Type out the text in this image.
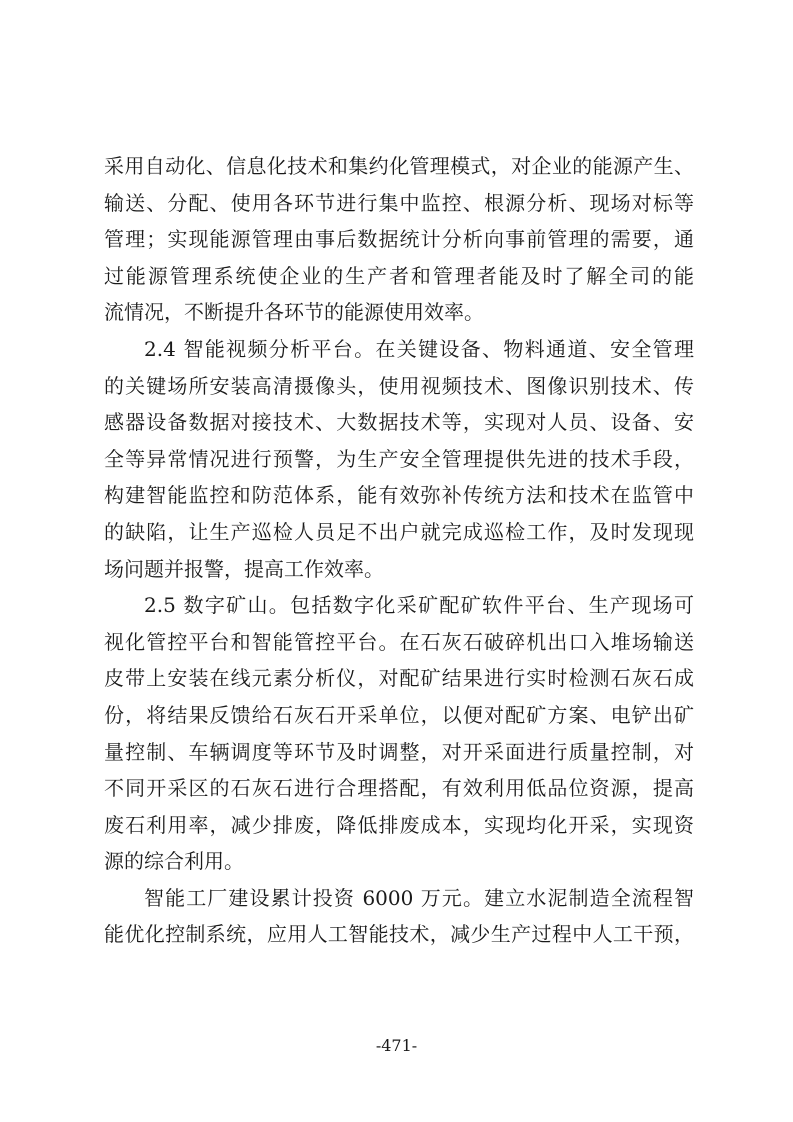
采用自动化、信息化技术和集约化管理模式，对企业的能源产生、
输送、分配、使用各环节进行集中监控、根源分析、现场对标等
管理；实现能源管理由事后数据统计分析向事前管理的需要，通
过能源管理系统使企业的生产者和管理者能及时了解全司的能
流情况，不断提升各环节的能源使用效率。
2.4 智能视频分析平台。在关键设备、物料通道、安全管理
的关键场所安装高清摄像头，使用视频技术、图像识别技术、传
感器设备数据对接技术、大数据技术等，实现对人员、设备、安
全等异常情况进行预警，为生产安全管理提供先进的技术手段，
构建智能监控和防范体系，能有效弥补传统方法和技术在监管中
的缺陷，让生产巡检人员足不出户就完成巡检工作，及时发现现
场问题并报警，提高工作效率。
2.5 数字矿山。包括数字化采矿配矿软件平台、生产现场可
视化管控平台和智能管控平台。在石灰石破碎机出口入堆场输送
皮带上安装在线元素分析仪，对配矿结果进行实时检测石灰石成
份，将结果反馈给石灰石开采单位，以便对配矿方案、电铲出矿
量控制、车辆调度等环节及时调整，对开采面进行质量控制，对
不同开采区的石灰石进行合理搭配，有效利用低品位资源，提高
废石利用率，减少排废，降低排废成本，实现均化开采，实现资
源的综合利用。
智能工厂建设累计投资 6000 万元。建立水泥制造全流程智
能优化控制系统，应用人工智能技术，减少生产过程中人工干预，
-471-
